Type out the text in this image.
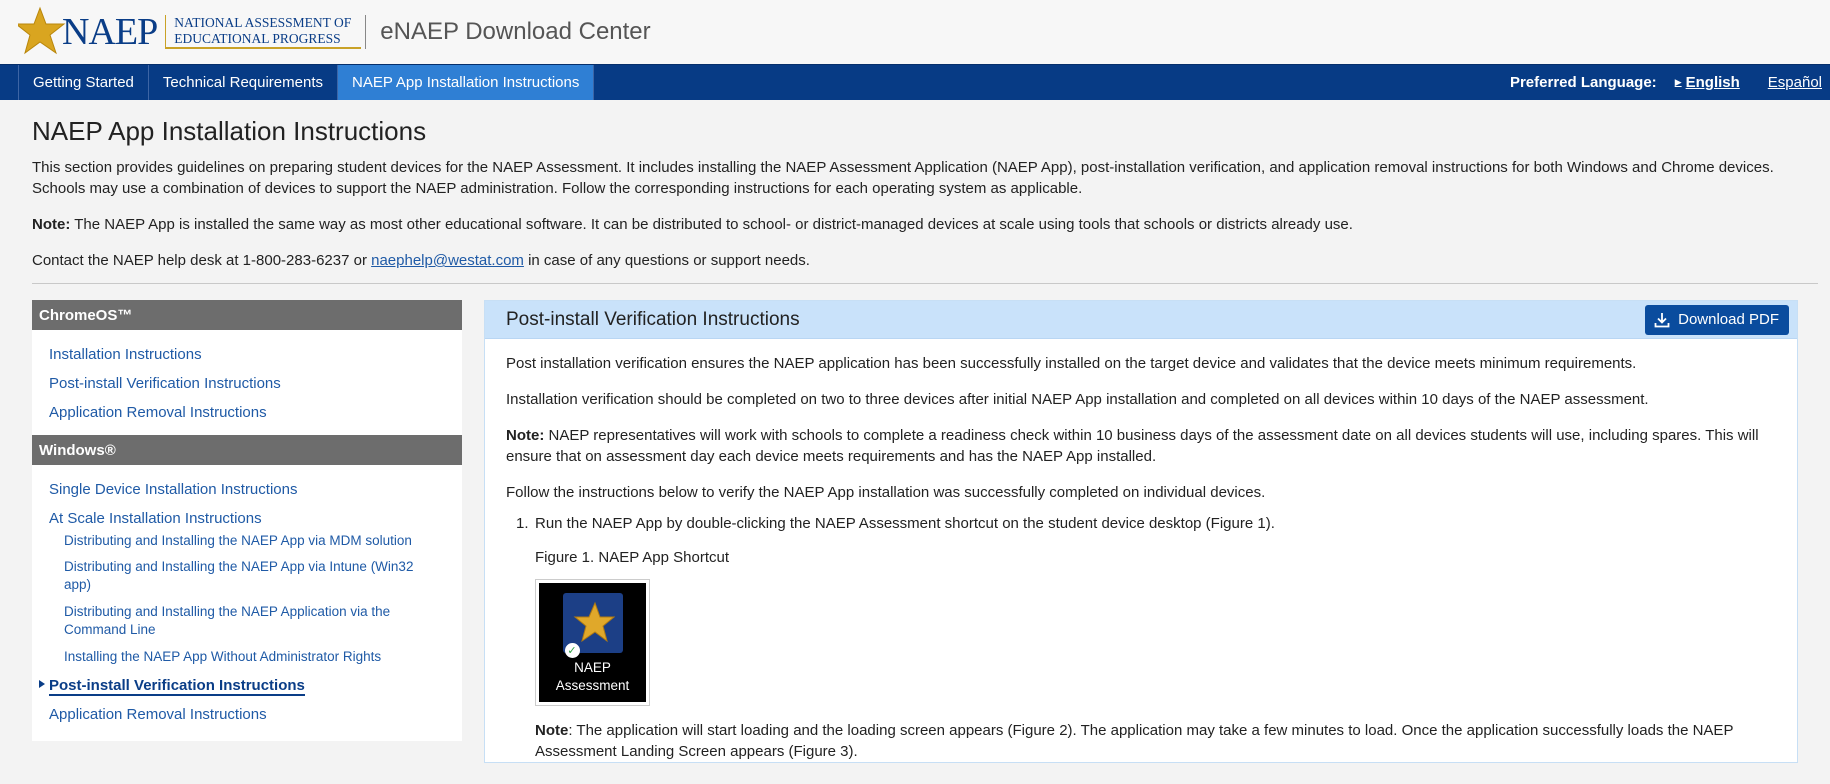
NAEP NATIONAL ASSESSMENT OF
EDUCATIONAL PROGRESS	eNAEP Download Center
Getting Started	Technical Requirements	NAEP App Installation Instructions	Preferred Language: ▶ English Español
NAEP App Installation Instructions

This section provides guidelines on preparing student devices for the NAEP Assessment. It includes installing the NAEP Assessment Application (NAEP App), post-installation verification, and application removal instructions for both Windows and Chrome devices. Schools may use a combination of devices to support the NAEP administration. Follow the corresponding instructions for each operating system as applicable.

Note: The NAEP App is installed the same way as most other educational software. It can be distributed to school- or district-managed devices at scale using tools that schools or districts already use.

Contact the NAEP help desk at 1-800-283-6237 or naephelp@westat.com in case of any questions or support needs.

ChromeOS™
Installation Instructions
Post-install Verification Instructions
Application Removal Instructions
Windows®
Single Device Installation Instructions
At Scale Installation Instructions
Distributing and Installing the NAEP App via MDM solution
Distributing and Installing the NAEP App via Intune (Win32 app)
Distributing and Installing the NAEP Application via the Command Line
Installing the NAEP App Without Administrator Rights
Post-install Verification Instructions
Application Removal Instructions
Post-install Verification Instructions	Download PDF

Post installation verification ensures the NAEP application has been successfully installed on the target device and validates that the device meets minimum requirements.

Installation verification should be completed on two to three devices after initial NAEP App installation and completed on all devices within 10 days of the NAEP assessment.

Note: NAEP representatives will work with schools to complete a readiness check within 10 business days of the assessment date on all devices students will use, including spares. This will ensure that on assessment day each device meets requirements and has the NAEP App installed.

Follow the instructions below to verify the NAEP App installation was successfully completed on individual devices.

1. Run the NAEP App by double-clicking the NAEP Assessment shortcut on the student device desktop (Figure 1).
Figure 1. NAEP App Shortcut
✓
NAEP
Assessment
Note: The application will start loading and the loading screen appears (Figure 2). The application may take a few minutes to load. Once the application successfully loads the NAEP Assessment Landing Screen appears (Figure 3).
